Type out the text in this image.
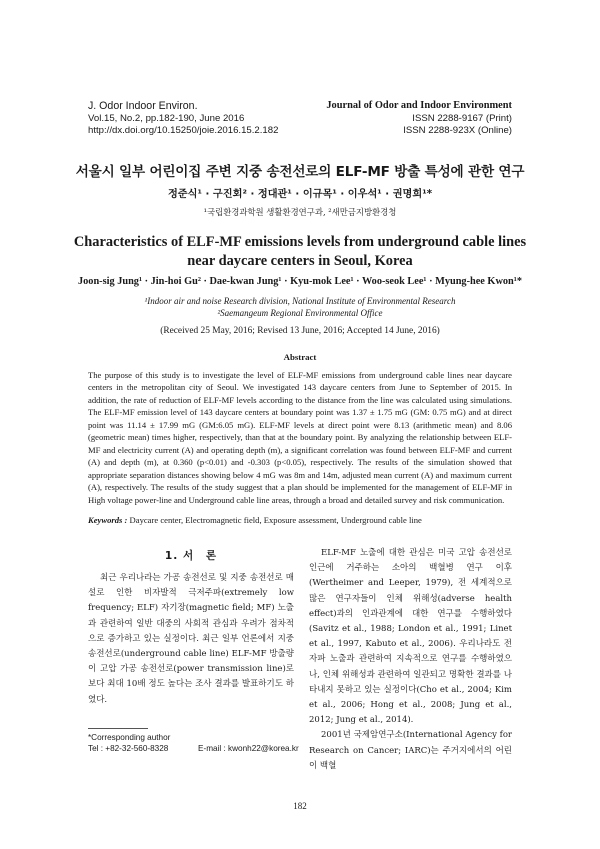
J. Odor Indoor Environ.
Vol.15, No.2, pp.182-190, June 2016
http://dx.doi.org/10.15250/joie.2016.15.2.182
Journal of Odor and Indoor Environment
ISSN 2288-9167 (Print)
ISSN 2288-923X (Online)
서울시 일부 어린이집 주변 지중 송전선로의 ELF-MF 방출 특성에 관한 연구
정준식¹ · 구진회² · 정대관¹ · 이규목¹ · 이우석¹ · 권명희¹*
¹국립환경과학원 생활환경연구과, ²새만금지방환경청
Characteristics of ELF-MF emissions levels from underground cable lines near daycare centers in Seoul, Korea
Joon-sig Jung¹ · Jin-hoi Gu² · Dae-kwan Jung¹ · Kyu-mok Lee¹ · Woo-seok Lee¹ · Myung-hee Kwon¹*
¹Indoor air and noise Research division, National Institute of Environmental Research
²Saemangeum Regional Environmental Office
(Received 25 May, 2016; Revised 13 June, 2016; Accepted 14 June, 2016)
Abstract
The purpose of this study is to investigate the level of ELF-MF emissions from underground cable lines near daycare centers in the metropolitan city of Seoul. We investigated 143 daycare centers from June to September of 2015. In addition, the rate of reduction of ELF-MF levels according to the distance from the line was calculated using simulations. The ELF-MF emission level of 143 daycare centers at boundary point was 1.37 ± 1.75 mG (GM: 0.75 mG) and at direct point was 11.14 ± 17.99 mG (GM:6.05 mG). ELF-MF levels at direct point were 8.13 (arithmetic mean) and 8.06 (geometric mean) times higher, respectively, than that at the boundary point. By analyzing the relationship between ELF-MF and electricity current (A) and operating depth (m), a significant correlation was found between ELF-MF and current (A) and depth (m), at 0.360 (p<0.01) and -0.303 (p<0.05), respectively. The results of the simulation showed that appropriate separation distances showing below 4 mG was 8m and 14m, adjusted mean current (A) and maximum current (A), respectively. The results of the study suggest that a plan should be implemented for the management of ELF-MF in High voltage power-line and Underground cable line areas, through a broad and detailed survey and risk communication.
Keywords : Daycare center, Electromagnetic field, Exposure assessment, Underground cable line
1. 서　론

최근 우리나라는 가공 송전선로 및 지중 송전선로 매설로 인한 비자발적 극저주파(extremely low frequency; ELF) 자기장(magnetic field; MF) 노출과 관련하여 일반 대중의 사회적 관심과 우려가 점차적으로 증가하고 있는 실정이다. 최근 일부 언론에서 지중 송전선로(underground cable line) ELF-MF 방출량이 고압 가공 송전선로(power transmission line)로 보다 최대 10배 정도 높다는 조사 결과를 발표하기도 하였다.

ELF-MF 노출에 대한 관심은 미국 고압 송전선로 인근에 거주하는 소아의 백혈병 연구 이후(Wertheimer and Leeper, 1979), 전 세계적으로 많은 연구자들이 인체 위해성(adverse health effect)과의 인과관계에 대한 연구를 수행하였다(Savitz et al., 1988; London et al., 1991; Linet et al., 1997, Kabuto et al., 2006). 우리나라도 전자파 노출과 관련하여 지속적으로 연구를 수행하였으나, 인체 위해성과 관련하여 일관되고 명확한 결과를 나타내지 못하고 있는 실정이다(Cho et al., 2004; Kim et al., 2006; Hong et al., 2008; Jung et al., 2012; Jung et al., 2014).

2001년 국제암연구소(International Agency for Research on Cancer; IARC)는 주거지에서의 어린이 백혈

*Corresponding author
Tel : +82-32-560-8328	E-mail : kwonh22@korea.kr
182
